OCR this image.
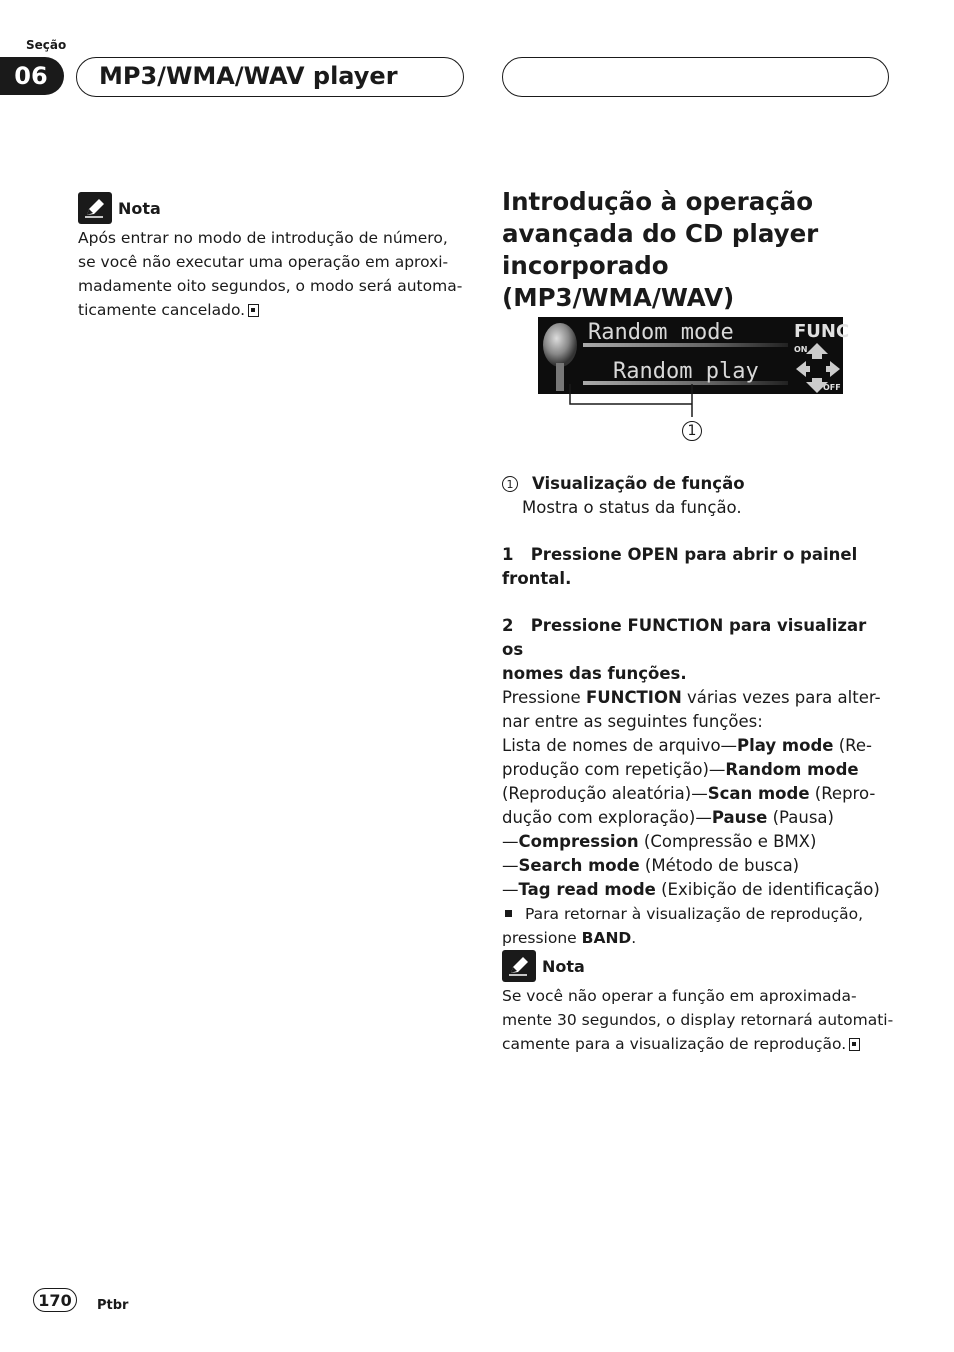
Seção
06	MP3/WMA/WAV player
Nota
Após entrar no modo de introdução de número,
se você não executar uma operação em aproxi-
madamente oito segundos, o modo será automa-
ticamente cancelado.
Introdução à operação
avançada do CD player
incorporado (MP3/WMA/WAV)
Random mode
Random play
FUNC
ON
OFF
1
1 Visualização de função
Mostra o status da função.
1 Pressione OPEN para abrir o painel
frontal.
2 Pressione FUNCTION para visualizar os
nomes das funções.
Pressione FUNCTION várias vezes para alter-
nar entre as seguintes funções:
Lista de nomes de arquivo—Play mode (Re-
produção com repetição)—Random mode
(Reprodução aleatória)—Scan mode (Repro-
dução com exploração)—Pause (Pausa)
—Compression (Compressão e BMX)
—Search mode (Método de busca)
—Tag read mode (Exibição de identificação)
Para retornar à visualização de reprodução,
pressione BAND.
Nota
Se você não operar a função em aproximada-
mente 30 segundos, o display retornará automati-
camente para a visualização de reprodução.
170	Ptbr
